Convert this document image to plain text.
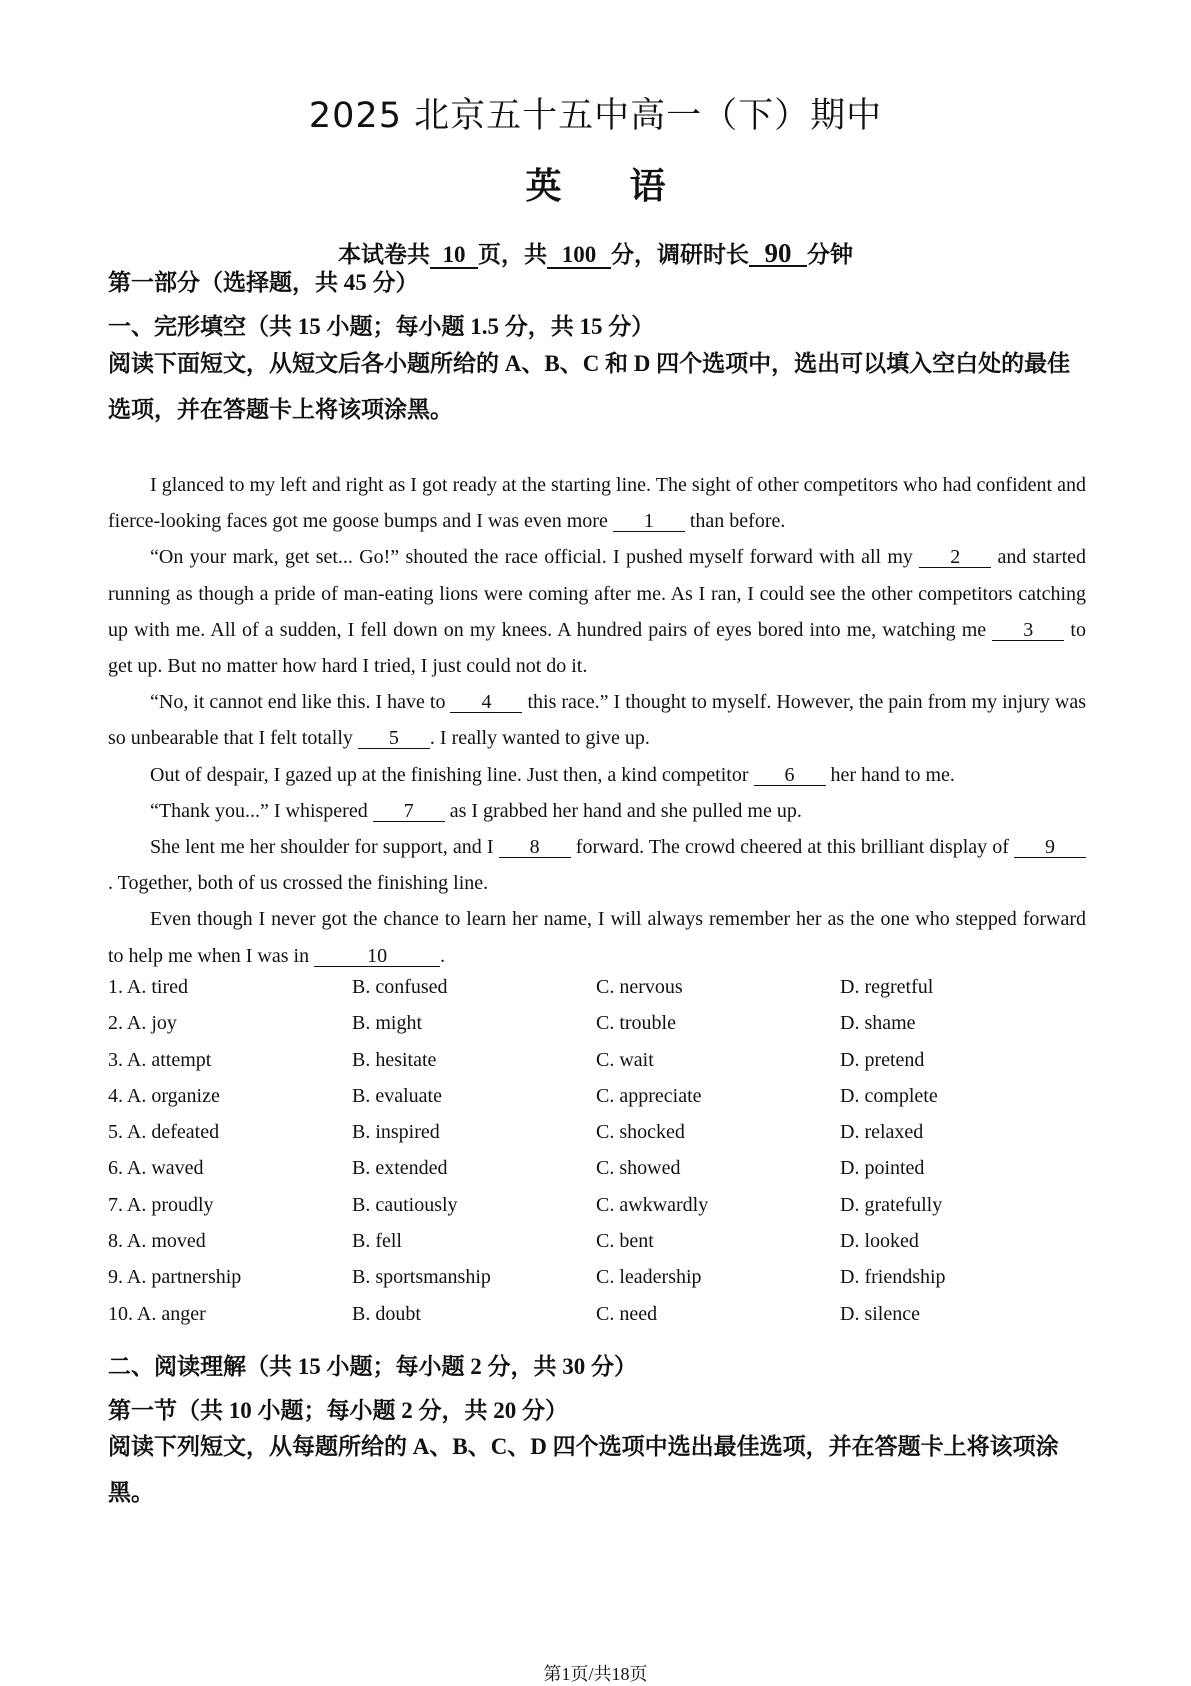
2025 北京五十五中高一（下）期中
英 语
本试卷共 10 页，共 100 分，调研时长 90 分钟
第一部分（选择题，共 45 分）
一、完形填空（共 15 小题；每小题 1.5 分，共 15 分）
阅读下面短文，从短文后各小题所给的 A、B、C 和 D 四个选项中，选出可以填入空白处的最佳选项，并在答题卡上将该项涂黑。

I glanced to my left and right as I got ready at the starting line. The sight of other competitors who had confident and fierce-looking faces got me goose bumps and I was even more 1 than before.

“On your mark, get set... Go!” shouted the race official. I pushed myself forward with all my 2 and started running as though a pride of man-eating lions were coming after me. As I ran, I could see the other competitors catching up with me. All of a sudden, I fell down on my knees. A hundred pairs of eyes bored into me, watching me 3 to get up. But no matter how hard I tried, I just could not do it.

“No, it cannot end like this. I have to 4 this race.” I thought to myself. However, the pain from my injury was so unbearable that I felt totally 5 . I really wanted to give up.

Out of despair, I gazed up at the finishing line. Just then, a kind competitor 6 her hand to me.

“Thank you...” I whispered 7 as I grabbed her hand and she pulled me up.

She lent me her shoulder for support, and I 8 forward. The crowd cheered at this brilliant display of 9. Together, both of us crossed the finishing line.

Even though I never got the chance to learn her name, I will always remember her as the one who stepped forward to help me when I was in	10	.

1. A. tired	B. confused	C. nervous	D. regretful
2. A. joy	B. might	C. trouble	D. shame
3. A. attempt	B. hesitate	C. wait	D. pretend
4. A. organize	B. evaluate	C. appreciate	D. complete
5. A. defeated	B. inspired	C. shocked	D. relaxed
6. A. waved	B. extended	C. showed	D. pointed
7. A. proudly	B. cautiously	C. awkwardly	D. gratefully
8. A. moved	B. fell	C. bent	D. looked
9. A. partnership	B. sportsmanship	C. leadership	D. friendship
10. A. anger	B. doubt	C. need	D. silence
二、阅读理解（共 15 小题；每小题 2 分，共 30 分）
第一节（共 10 小题；每小题 2 分，共 20 分）
阅读下列短文，从每题所给的 A、B、C、D 四个选项中选出最佳选项，并在答题卡上将该项涂黑。
第1页/共18页
